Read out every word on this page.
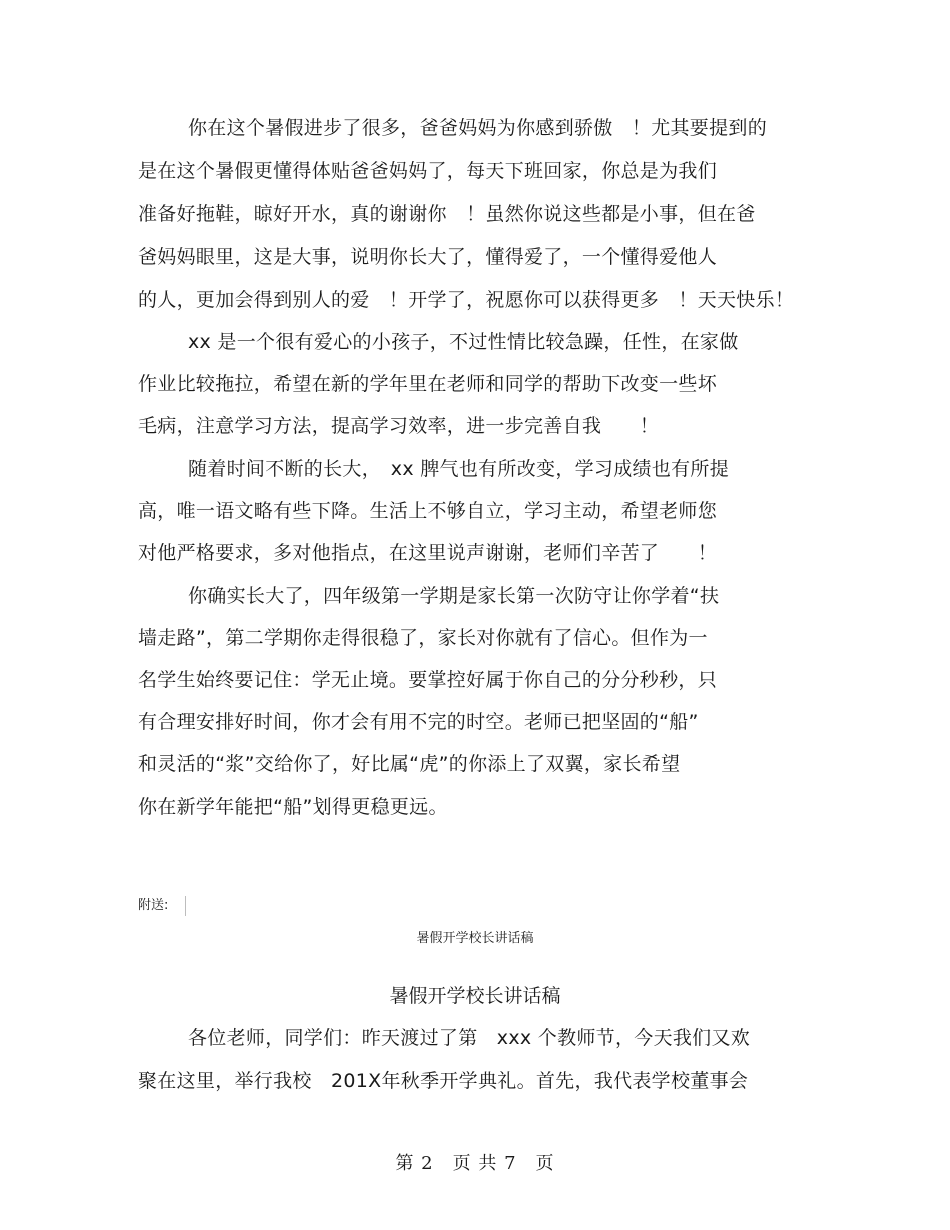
你在这个暑假进步了很多，爸爸妈妈为你感到骄傲　！尤其要提到的
是在这个暑假更懂得体贴爸爸妈妈了，每天下班回家，你总是为我们
准备好拖鞋，晾好开水，真的谢谢你　！虽然你说这些都是小事，但在爸
爸妈妈眼里，这是大事，说明你长大了，懂得爱了，一个懂得爱他人
的人，更加会得到别人的爱　！开学了，祝愿你可以获得更多　！天天快乐！
xx 是一个很有爱心的小孩子，不过性情比较急躁，任性，在家做
作业比较拖拉，希望在新的学年里在老师和同学的帮助下改变一些坏
毛病，注意学习方法，提高学习效率，进一步完善自我　　！
随着时间不断的长大，　xx 脾气也有所改变，学习成绩也有所提
高，唯一语文略有些下降。生活上不够自立，学习主动，希望老师您
对他严格要求，多对他指点，在这里说声谢谢，老师们辛苦了　　！
你确实长大了，四年级第一学期是家长第一次防守让你学着“扶
墙走路”，第二学期你走得很稳了，家长对你就有了信心。但作为一
名学生始终要记住：学无止境。要掌控好属于你自己的分分秒秒，只
有合理安排好时间，你才会有用不完的时空。老师已把坚固的“船”
和灵活的“浆”交给你了，好比属“虎”的你添上了双翼，家长希望
你在新学年能把“船”划得更稳更远。
附送:
暑假开学校长讲话稿
暑假开学校长讲话稿
各位老师，同学们：昨天渡过了第　xxx 个教师节，今天我们又欢
聚在这里，举行我校　201X年秋季开学典礼。首先，我代表学校董事会
第 2　页 共 7　页
